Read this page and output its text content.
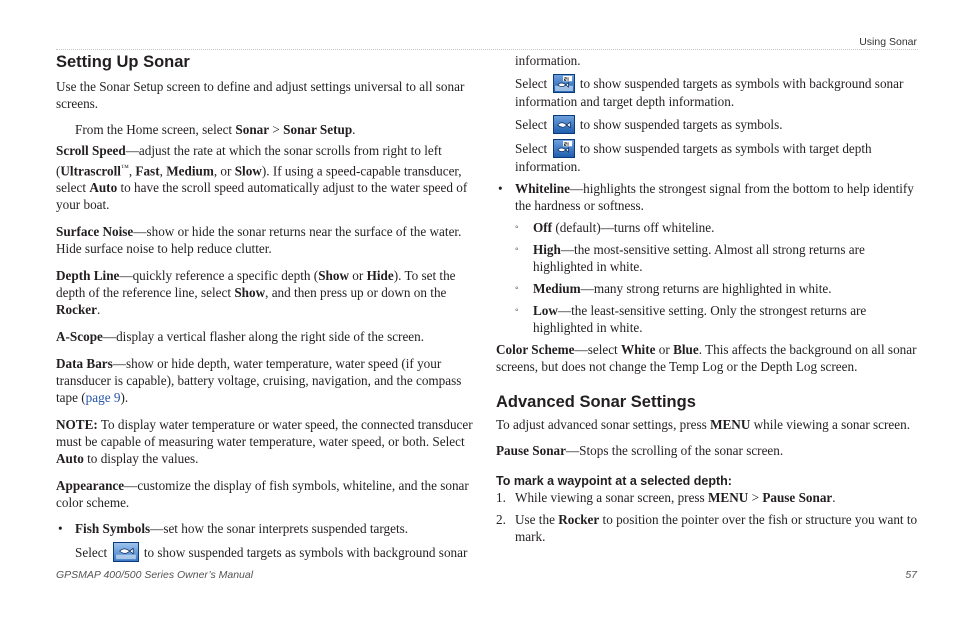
Using Sonar
Setting Up Sonar

Use the Sonar Setup screen to define and adjust settings universal to all sonar screens.

From the Home screen, select Sonar > Sonar Setup.

Scroll Speed—adjust the rate at which the sonar scrolls from right to left (Ultrascroll™, Fast, Medium, or Slow). If using a speed-capable transducer, select Auto to have the scroll speed automatically adjust to the water speed of your boat.

Surface Noise—show or hide the sonar returns near the surface of the water. Hide surface noise to help reduce clutter.

Depth Line—quickly reference a specific depth (Show or Hide). To set the depth of the reference line, select Show, and then press up or down on the Rocker.

A-Scope—display a vertical flasher along the right side of the screen.

Data Bars—show or hide depth, water temperature, water speed (if your transducer is capable), battery voltage, cruising, navigation, and the compass tape (page 9).

NOTE: To display water temperature or water speed, the connected transducer must be capable of measuring water temperature, water speed, or both. Select Auto to display the values.

Appearance—customize the display of fish symbols, whiteline, and the sonar color scheme.

• Fish Symbols—set how the sonar interprets suspended targets.

Select	to show suspended targets as symbols with background sonar

information.

Select to show suspended targets as symbols with background sonar information and target depth information.

Select to show suspended targets as symbols.

Select to show suspended targets as symbols with target depth information.

• Whiteline—highlights the strongest signal from the bottom to help identify the hardness or softness.
◦ Off (default)—turns off whiteline.
◦ High—the most-sensitive setting. Almost all strong returns are highlighted in white.
◦ Medium—many strong returns are highlighted in white.
◦ Low—the least-sensitive setting. Only the strongest returns are highlighted in white.

Color Scheme—select White or Blue. This affects the background on all sonar screens, but does not change the Temp Log or the Depth Log screen.

Advanced Sonar Settings

To adjust advanced sonar settings, press MENU while viewing a sonar screen.

Pause Sonar—Stops the scrolling of the sonar screen.

To mark a waypoint at a selected depth:
1. While viewing a sonar screen, press MENU > Pause Sonar.
2. Use the Rocker to position the pointer over the fish or structure you want to mark.
GPSMAP 400/500 Series Owner’s Manual	57
